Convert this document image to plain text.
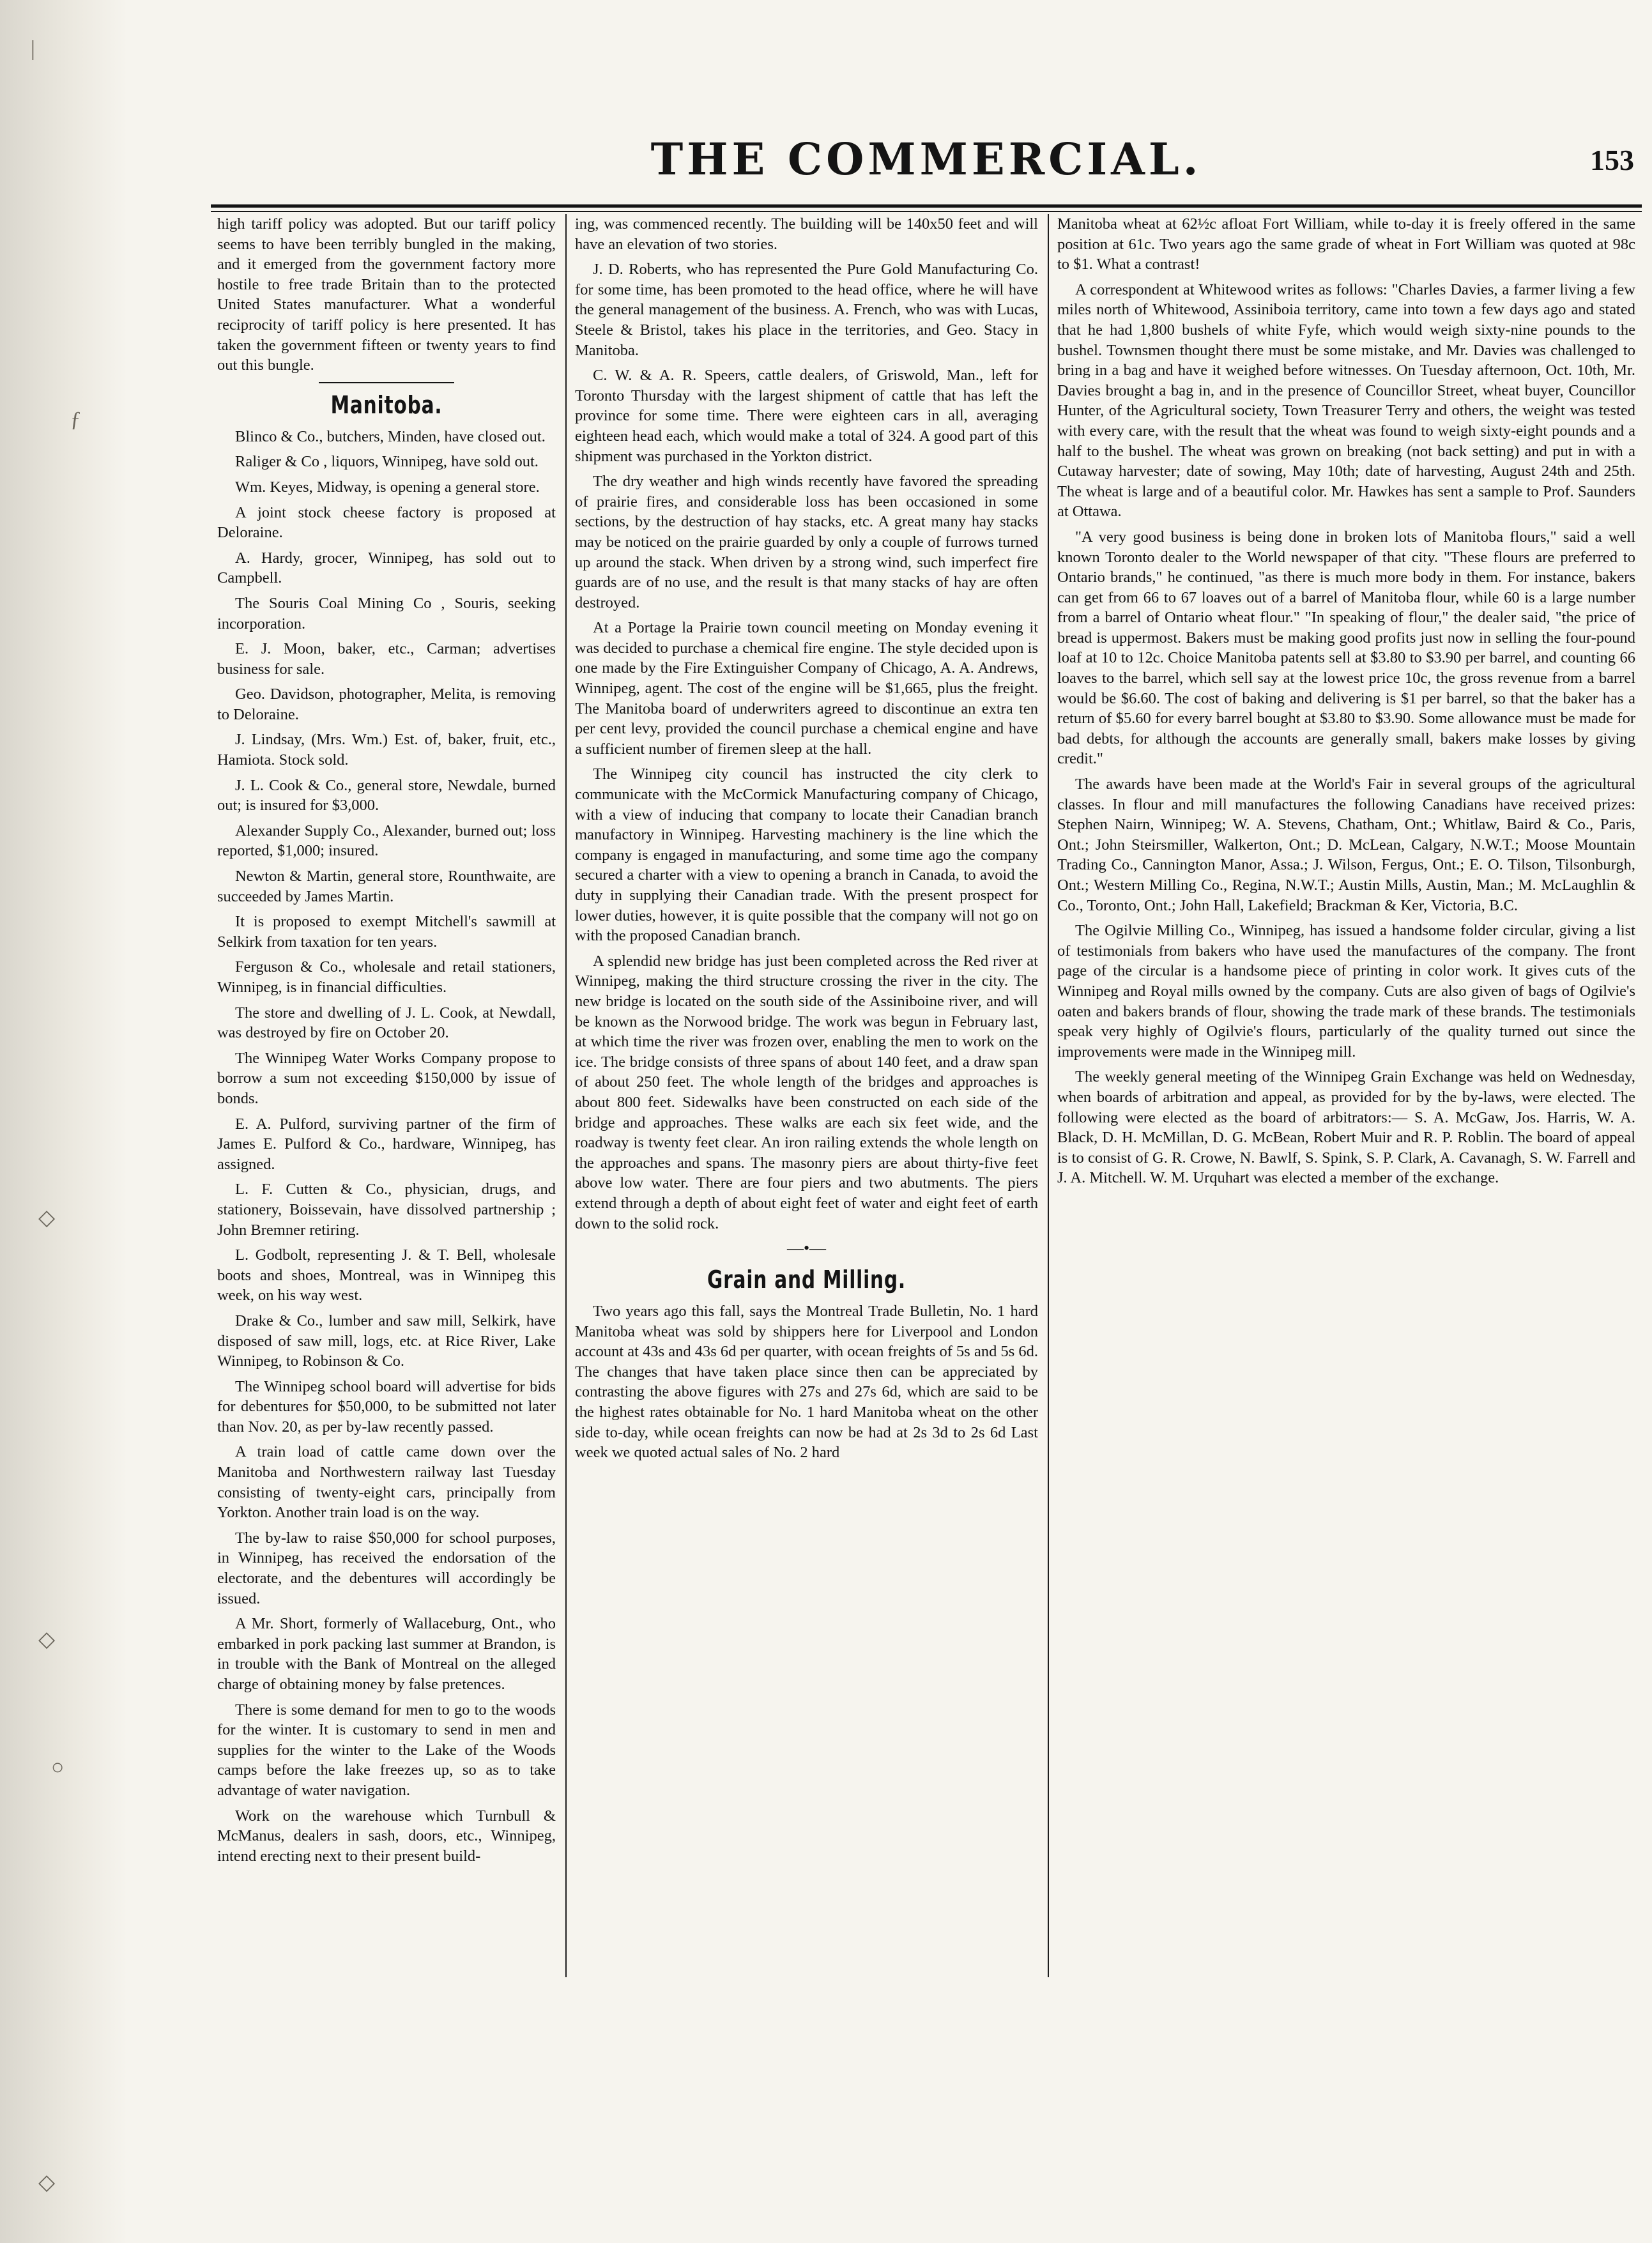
|
ƒ
◇
◇
○
◇
THE COMMERCIAL.	153

high tariff policy was adopted. But our tariff policy seems to have been terribly bungled in the making, and it emerged from the government factory more hostile to free trade Britain than to the protected United States manufacturer. What a wonderful reciprocity of tariff policy is here presented. It has taken the government fifteen or twenty years to find out this bungle.

Manitoba.

Blinco & Co., butchers, Minden, have closed out.

Raliger & Co , liquors, Winnipeg, have sold out.

Wm. Keyes, Midway, is opening a general store.

A joint stock cheese factory is proposed at Deloraine.

A. Hardy, grocer, Winnipeg, has sold out to Campbell.

The Souris Coal Mining Co , Souris, seeking incorporation.

E. J. Moon, baker, etc., Carman; advertises business for sale.

Geo. Davidson, photographer, Melita, is removing to Deloraine.

J. Lindsay, (Mrs. Wm.) Est. of, baker, fruit, etc., Hamiota. Stock sold.

J. L. Cook & Co., general store, Newdale, burned out; is insured for $3,000.

Alexander Supply Co., Alexander, burned out; loss reported, $1,000; insured.

Newton & Martin, general store, Rounthwaite, are succeeded by James Martin.

It is proposed to exempt Mitchell's sawmill at Selkirk from taxation for ten years.

Ferguson & Co., wholesale and retail stationers, Winnipeg, is in financial difficulties.

The store and dwelling of J. L. Cook, at Newdall, was destroyed by fire on October 20.

The Winnipeg Water Works Company propose to borrow a sum not exceeding $150,000 by issue of bonds.

E. A. Pulford, surviving partner of the firm of James E. Pulford & Co., hardware, Winnipeg, has assigned.

L. F. Cutten & Co., physician, drugs, and stationery, Boissevain, have dissolved partnership ; John Bremner retiring.

L. Godbolt, representing J. & T. Bell, wholesale boots and shoes, Montreal, was in Winnipeg this week, on his way west.

Drake & Co., lumber and saw mill, Selkirk, have disposed of saw mill, logs, etc. at Rice River, Lake Winnipeg, to Robinson & Co.

The Winnipeg school board will advertise for bids for debentures for $50,000, to be submitted not later than Nov. 20, as per by-law recently passed.

A train load of cattle came down over the Manitoba and Northwestern railway last Tuesday consisting of twenty-eight cars, principally from Yorkton. Another train load is on the way.

The by-law to raise $50,000 for school purposes, in Winnipeg, has received the endorsation of the electorate, and the debentures will accordingly be issued.

A Mr. Short, formerly of Wallaceburg, Ont., who embarked in pork packing last summer at Brandon, is in trouble with the Bank of Montreal on the alleged charge of obtaining money by false pretences.

There is some demand for men to go to the woods for the winter. It is customary to send in men and supplies for the winter to the Lake of the Woods camps before the lake freezes up, so as to take advantage of water navigation.

Work on the warehouse which Turnbull & McManus, dealers in sash, doors, etc., Winnipeg, intend erecting next to their present build-

ing, was commenced recently. The building will be 140x50 feet and will have an elevation of two stories.

J. D. Roberts, who has represented the Pure Gold Manufacturing Co. for some time, has been promoted to the head office, where he will have the general management of the business. A. French, who was with Lucas, Steele & Bristol, takes his place in the territories, and Geo. Stacy in Manitoba.

C. W. & A. R. Speers, cattle dealers, of Griswold, Man., left for Toronto Thursday with the largest shipment of cattle that has left the province for some time. There were eighteen cars in all, averaging eighteen head each, which would make a total of 324. A good part of this shipment was purchased in the Yorkton district.

The dry weather and high winds recently have favored the spreading of prairie fires, and considerable loss has been occasioned in some sections, by the destruction of hay stacks, etc. A great many hay stacks may be noticed on the prairie guarded by only a couple of furrows turned up around the stack. When driven by a strong wind, such imperfect fire guards are of no use, and the result is that many stacks of hay are often destroyed.

At a Portage la Prairie town council meeting on Monday evening it was decided to purchase a chemical fire engine. The style decided upon is one made by the Fire Extinguisher Company of Chicago, A. A. Andrews, Winnipeg, agent. The cost of the engine will be $1,665, plus the freight. The Manitoba board of underwriters agreed to discontinue an extra ten per cent levy, provided the council purchase a chemical engine and have a sufficient number of firemen sleep at the hall.

The Winnipeg city council has instructed the city clerk to communicate with the McCormick Manufacturing company of Chicago, with a view of inducing that company to locate their Canadian branch manufactory in Winnipeg. Harvesting machinery is the line which the company is engaged in manufacturing, and some time ago the company secured a charter with a view to opening a branch in Canada, to avoid the duty in supplying their Canadian trade. With the present prospect for lower duties, however, it is quite possible that the company will not go on with the proposed Canadian branch.

A splendid new bridge has just been completed across the Red river at Winnipeg, making the third structure crossing the river in the city. The new bridge is located on the south side of the Assiniboine river, and will be known as the Norwood bridge. The work was begun in February last, at which time the river was frozen over, enabling the men to work on the ice. The bridge consists of three spans of about 140 feet, and a draw span of about 250 feet. The whole length of the bridges and approaches is about 800 feet. Sidewalks have been constructed on each side of the bridge and approaches. These walks are each six feet wide, and the roadway is twenty feet clear. An iron railing extends the whole length on the approaches and spans. The masonry piers are about thirty-five feet above low water. There are four piers and two abutments. The piers extend through a depth of about eight feet of water and eight feet of earth down to the solid rock.

—•—
Grain and Milling.

Two years ago this fall, says the Montreal Trade Bulletin, No. 1 hard Manitoba wheat was sold by shippers here for Liverpool and London account at 43s and 43s 6d per quarter, with ocean freights of 5s and 5s 6d. The changes that have taken place since then can be appreciated by contrasting the above figures with 27s and 27s 6d, which are said to be the highest rates obtainable for No. 1 hard Manitoba wheat on the other side to-day, while ocean freights can now be had at 2s 3d to 2s 6d Last week we quoted actual sales of No. 2 hard

Manitoba wheat at 62½c afloat Fort William, while to-day it is freely offered in the same position at 61c. Two years ago the same grade of wheat in Fort William was quoted at 98c to $1. What a contrast!

A correspondent at Whitewood writes as follows: "Charles Davies, a farmer living a few miles north of Whitewood, Assiniboia territory, came into town a few days ago and stated that he had 1,800 bushels of white Fyfe, which would weigh sixty-nine pounds to the bushel. Townsmen thought there must be some mistake, and Mr. Davies was challenged to bring in a bag and have it weighed before witnesses. On Tuesday afternoon, Oct. 10th, Mr. Davies brought a bag in, and in the presence of Councillor Street, wheat buyer, Councillor Hunter, of the Agricultural society, Town Treasurer Terry and others, the weight was tested with every care, with the result that the wheat was found to weigh sixty-eight pounds and a half to the bushel. The wheat was grown on breaking (not back setting) and put in with a Cutaway harvester; date of sowing, May 10th; date of harvesting, August 24th and 25th. The wheat is large and of a beautiful color. Mr. Hawkes has sent a sample to Prof. Saunders at Ottawa.

"A very good business is being done in broken lots of Manitoba flours," said a well known Toronto dealer to the World newspaper of that city. "These flours are preferred to Ontario brands," he continued, "as there is much more body in them. For instance, bakers can get from 66 to 67 loaves out of a barrel of Manitoba flour, while 60 is a large number from a barrel of Ontario wheat flour." "In speaking of flour," the dealer said, "the price of bread is uppermost. Bakers must be making good profits just now in selling the four-pound loaf at 10 to 12c. Choice Manitoba patents sell at $3.80 to $3.90 per barrel, and counting 66 loaves to the barrel, which sell say at the lowest price 10c, the gross revenue from a barrel would be $6.60. The cost of baking and delivering is $1 per barrel, so that the baker has a return of $5.60 for every barrel bought at $3.80 to $3.90. Some allowance must be made for bad debts, for although the accounts are generally small, bakers make losses by giving credit."

The awards have been made at the World's Fair in several groups of the agricultural classes. In flour and mill manufactures the following Canadians have received prizes: Stephen Nairn, Winnipeg; W. A. Stevens, Chatham, Ont.; Whitlaw, Baird & Co., Paris, Ont.; John Steirsmiller, Walkerton, Ont.; D. McLean, Calgary, N.W.T.; Moose Mountain Trading Co., Cannington Manor, Assa.; J. Wilson, Fergus, Ont.; E. O. Tilson, Tilsonburgh, Ont.; Western Milling Co., Regina, N.W.T.; Austin Mills, Austin, Man.; M. McLaughlin & Co., Toronto, Ont.; John Hall, Lakefield; Brackman & Ker, Victoria, B.C.

The Ogilvie Milling Co., Winnipeg, has issued a handsome folder circular, giving a list of testimonials from bakers who have used the manufactures of the company. The front page of the circular is a handsome piece of printing in color work. It gives cuts of the Winnipeg and Royal mills owned by the company. Cuts are also given of bags of Ogilvie's oaten and bakers brands of flour, showing the trade mark of these brands. The testimonials speak very highly of Ogilvie's flours, particularly of the quality turned out since the improvements were made in the Winnipeg mill.

The weekly general meeting of the Winnipeg Grain Exchange was held on Wednesday, when boards of arbitration and appeal, as provided for by the by-laws, were elected. The following were elected as the board of arbitrators:— S. A. McGaw, Jos. Harris, W. A. Black, D. H. McMillan, D. G. McBean, Robert Muir and R. P. Roblin. The board of appeal is to consist of G. R. Crowe, N. Bawlf, S. Spink, S. P. Clark, A. Cavanagh, S. W. Farrell and J. A. Mitchell. W. M. Urquhart was elected a member of the exchange.
